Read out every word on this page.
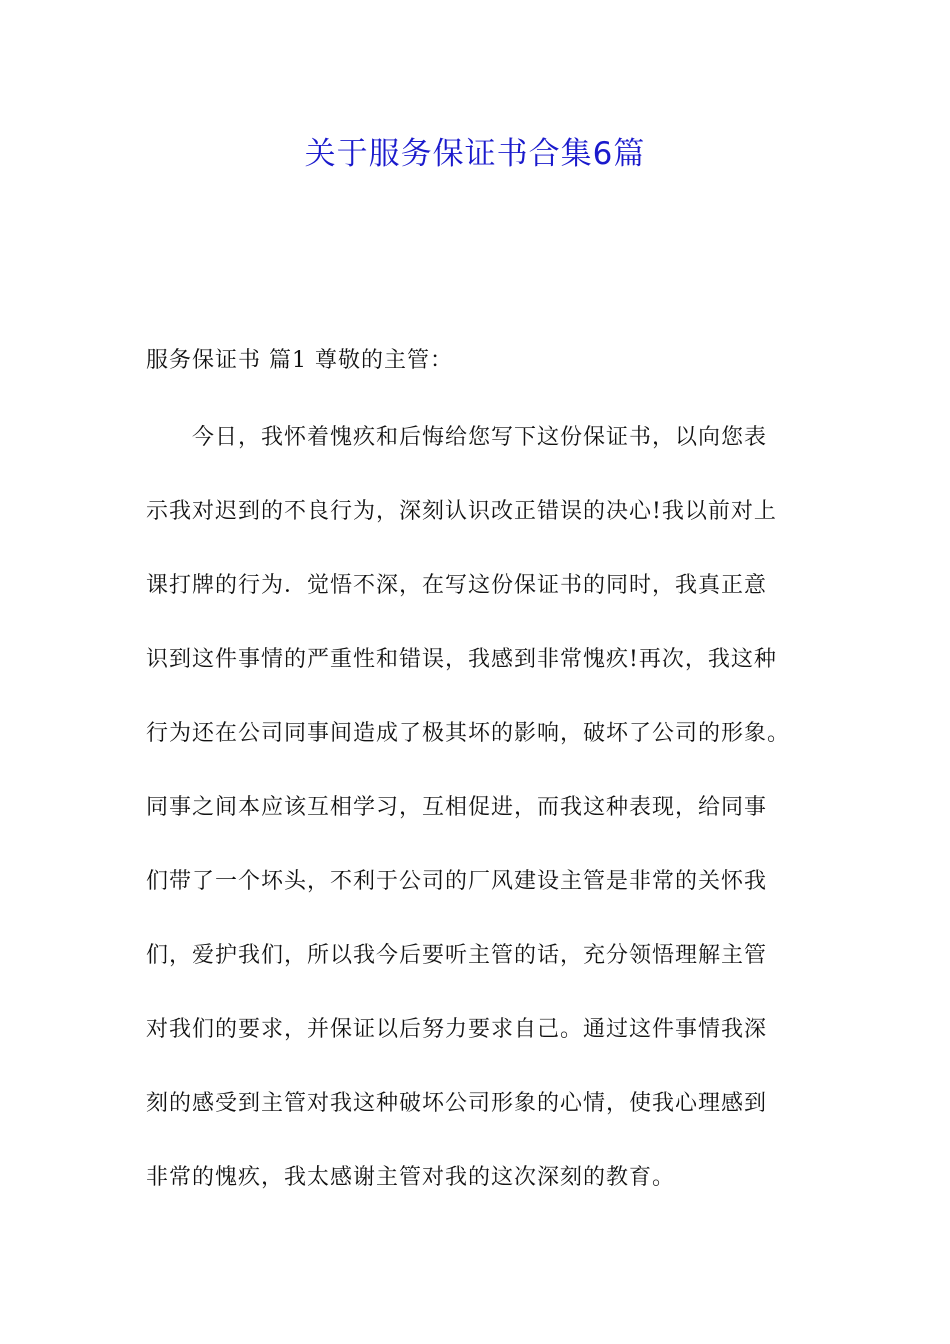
关于服务保证书合集6篇
服务保证书 篇1 尊敬的主管：
今日，我怀着愧疚和后悔给您写下这份保证书，以向您表
示我对迟到的不良行为，深刻认识改正错误的决心!我以前对上
课打牌的行为．觉悟不深，在写这份保证书的同时，我真正意
识到这件事情的严重性和错误，我感到非常愧疚!再次，我这种
行为还在公司同事间造成了极其坏的影响，破坏了公司的形象。
同事之间本应该互相学习，互相促进，而我这种表现，给同事
们带了一个坏头，不利于公司的厂风建设主管是非常的关怀我
们，爱护我们，所以我今后要听主管的话，充分领悟理解主管
对我们的要求，并保证以后努力要求自己。通过这件事情我深
刻的感受到主管对我这种破坏公司形象的心情，使我心理感到
非常的愧疚，我太感谢主管对我的这次深刻的教育。
